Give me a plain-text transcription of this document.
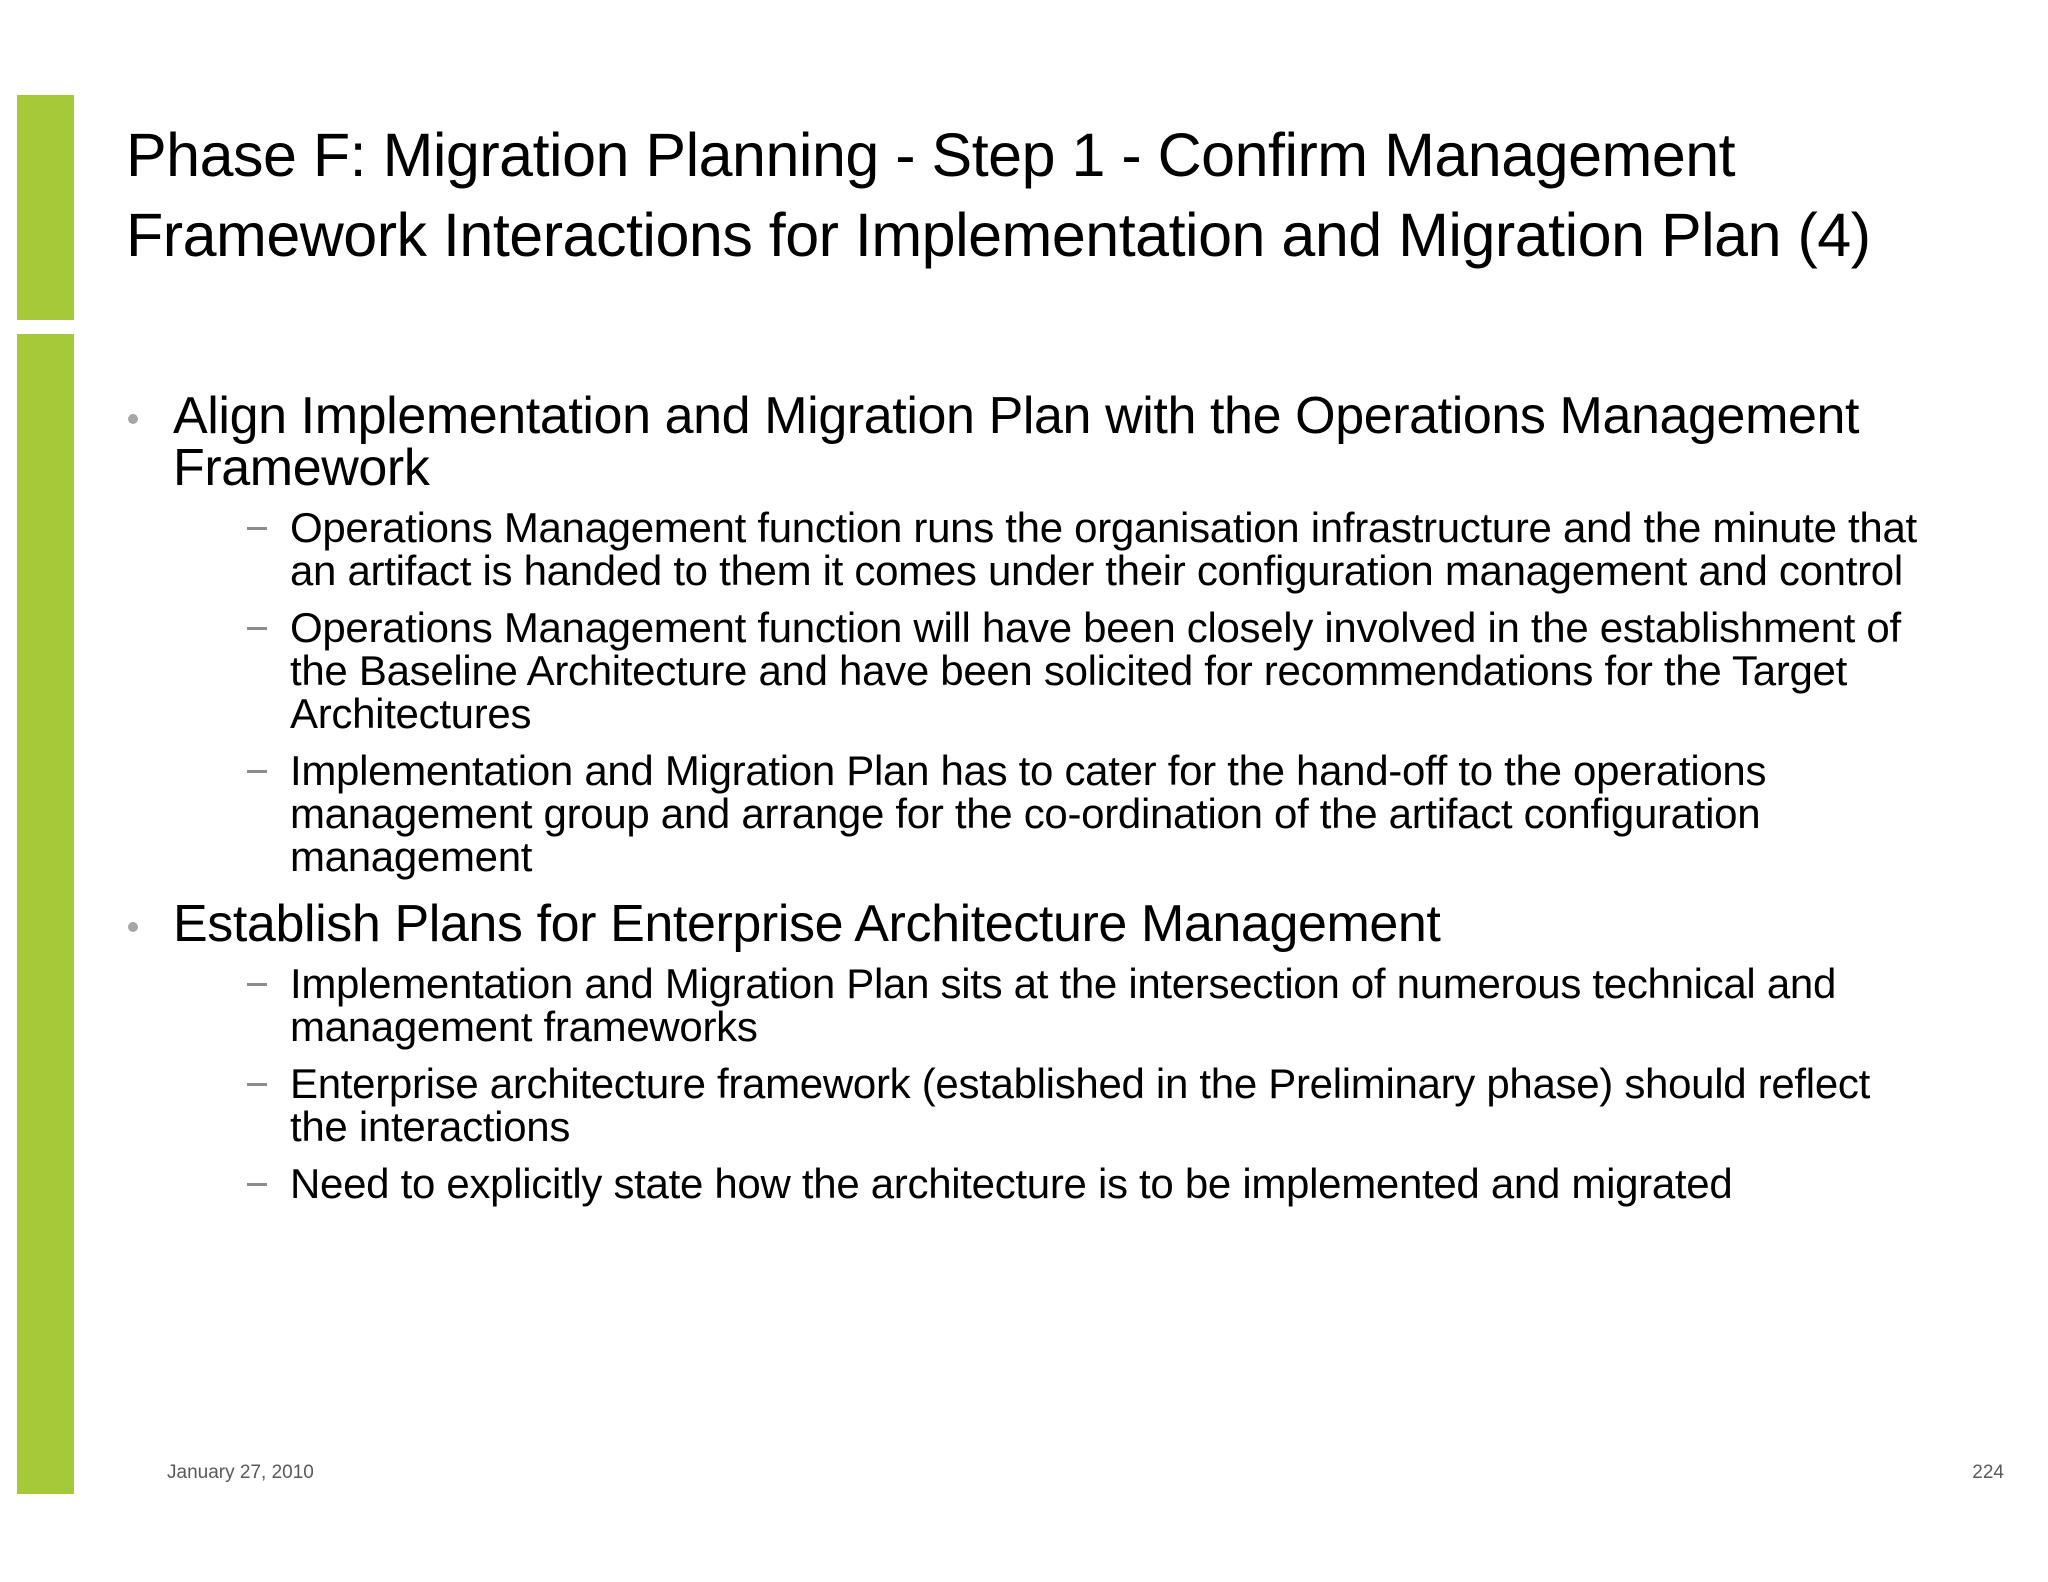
Phase F: Migration Planning - Step 1 - Confirm Management Framework Interactions for Implementation and Migration Plan (4)
Align Implementation and Migration Plan with the Operations Management Framework
Operations Management function runs the organisation infrastructure and the minute that an artifact is handed to them it comes under their configuration management and control
Operations Management function will have been closely involved in the establishment of the Baseline Architecture and have been solicited for recommendations for the Target Architectures
Implementation and Migration Plan has to cater for the hand-off to the operations management group and arrange for the co-ordination of the artifact configuration management
Establish Plans for Enterprise Architecture Management
Implementation and Migration Plan sits at the intersection of numerous technical and management frameworks
Enterprise architecture framework (established in the Preliminary phase) should reflect the interactions
Need to explicitly state how the architecture is to be implemented and migrated
January 27, 2010	224
